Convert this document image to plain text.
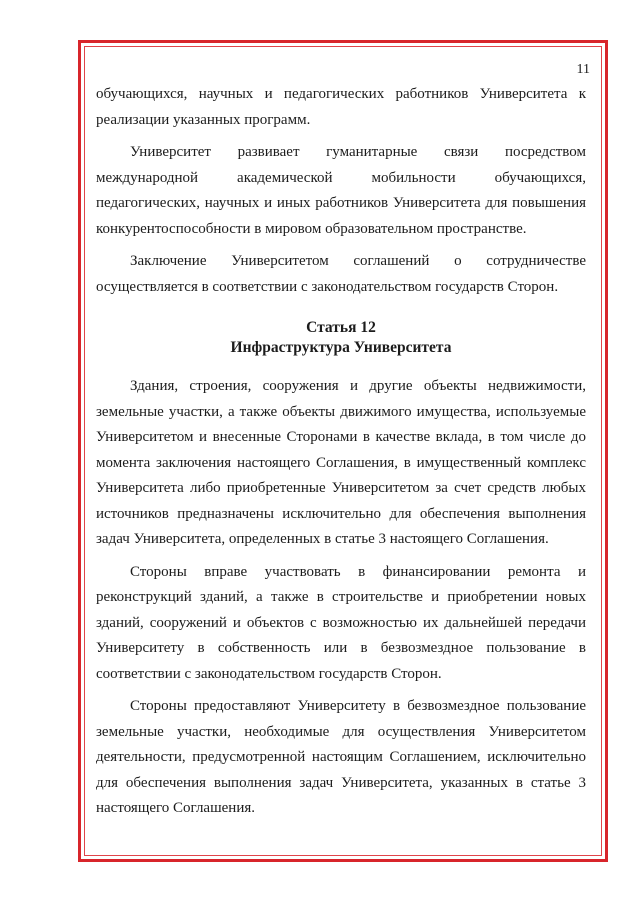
11

обучающихся, научных и педагогических работников Университета к реализации указанных программ.

Университет развивает гуманитарные связи посредством международной академической мобильности обучающихся, педагогических, научных и иных работников Университета для повышения конкурентоспособности в мировом образовательном пространстве.

Заключение Университетом соглашений о сотрудничестве осуществляется в соответствии с законодательством государств Сторон.

Статья 12
Инфраструктура Университета

Здания, строения, сооружения и другие объекты недвижимости, земельные участки, а также объекты движимого имущества, используемые Университетом и внесенные Сторонами в качестве вклада, в том числе до момента заключения настоящего Соглашения, в имущественный комплекс Университета либо приобретенные Университетом за счет средств любых источников предназначены исключительно для обеспечения выполнения задач Университета, определенных в статье 3 настоящего Соглашения.

Стороны вправе участвовать в финансировании ремонта и реконструкций зданий, а также в строительстве и приобретении новых зданий, сооружений и объектов с возможностью их дальнейшей передачи Университету в собственность или в безвозмездное пользование в соответствии с законодательством государств Сторон.

Стороны предоставляют Университету в безвозмездное пользование земельные участки, необходимые для осуществления Университетом деятельности, предусмотренной настоящим Соглашением, исключительно для обеспечения выполнения задач Университета, указанных в статье 3 настоящего Соглашения.
